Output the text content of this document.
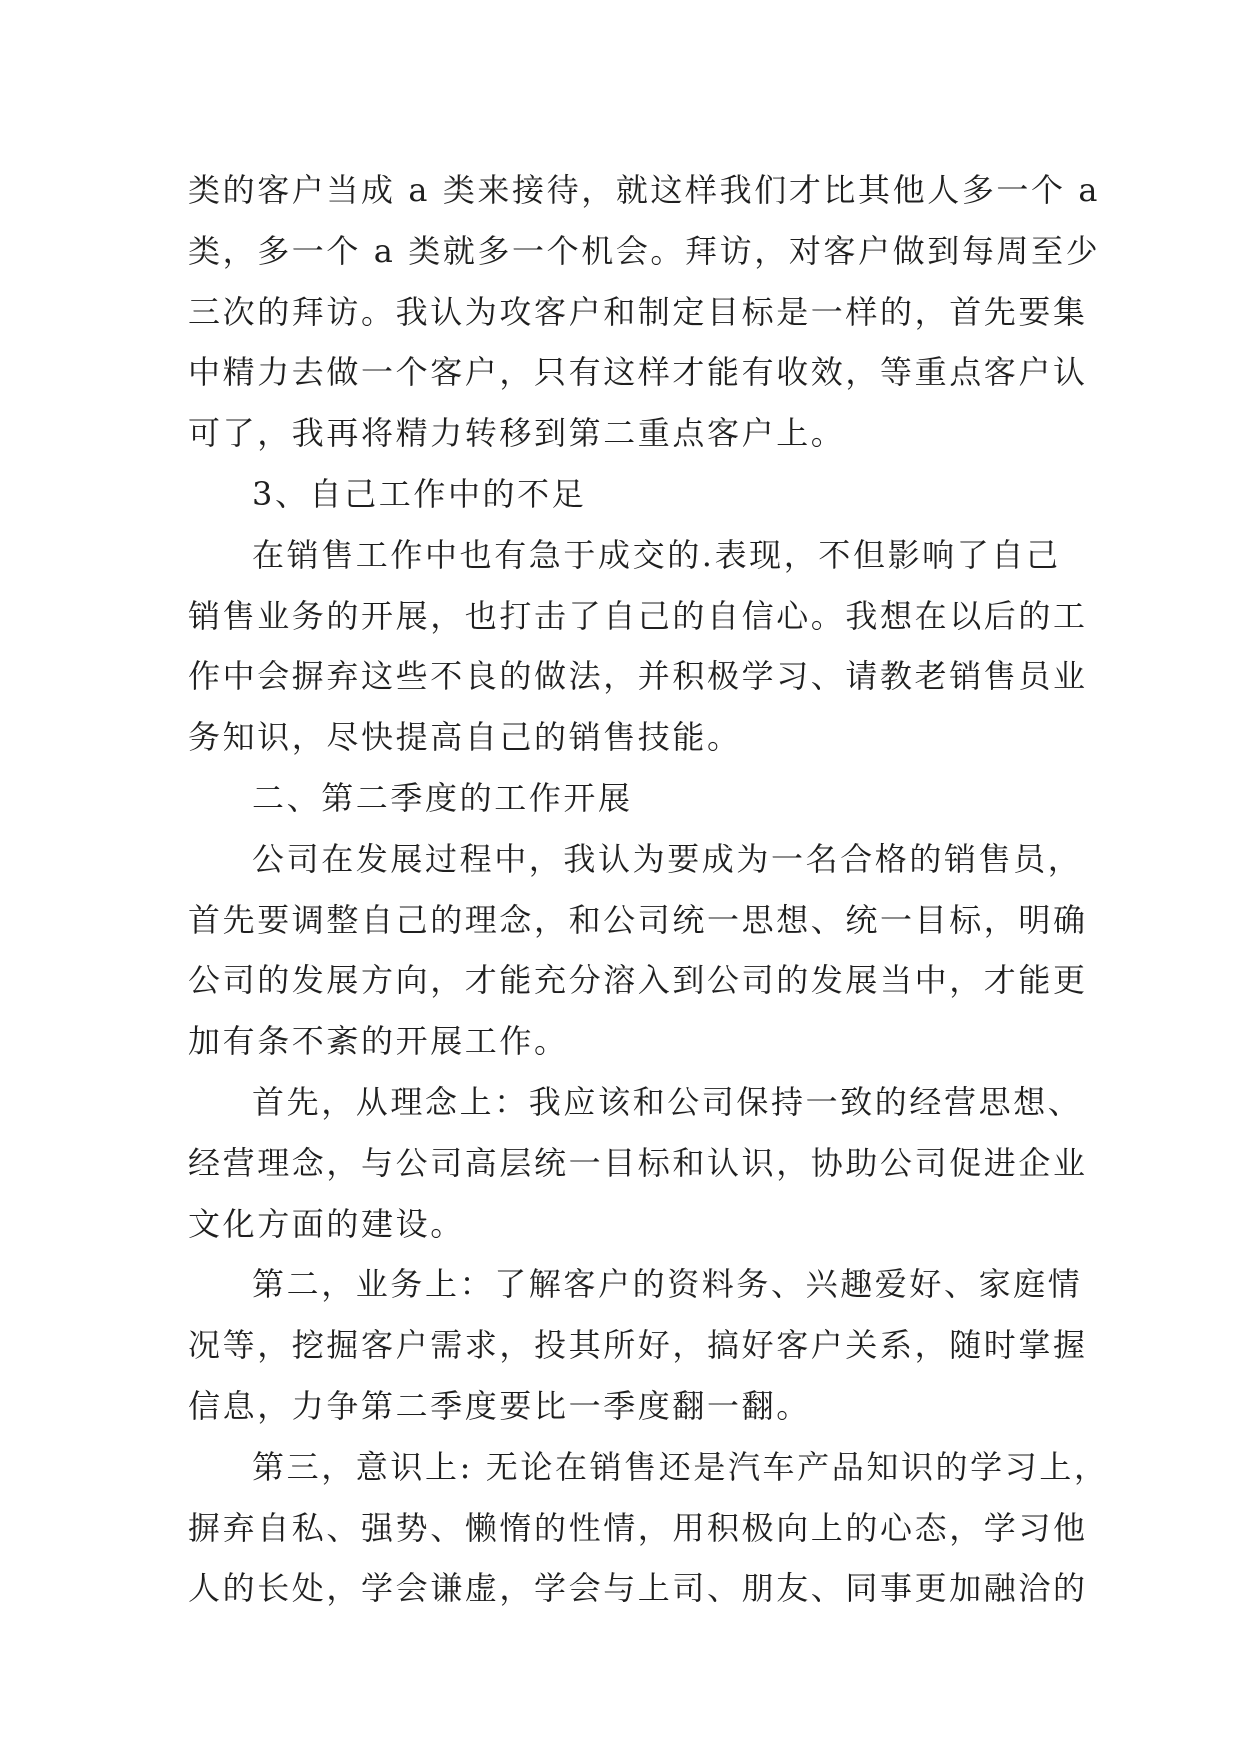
类的客户当成 a 类来接待，就这样我们才比其他人多一个 a
类，多一个 a 类就多一个机会。拜访，对客户做到每周至少
三次的拜访。我认为攻客户和制定目标是一样的，首先要集
中精力去做一个客户，只有这样才能有收效，等重点客户认
可了，我再将精力转移到第二重点客户上。
3、自己工作中的不足
在销售工作中也有急于成交的.表现，不但影响了自己
销售业务的开展，也打击了自己的自信心。我想在以后的工
作中会摒弃这些不良的做法，并积极学习、请教老销售员业
务知识，尽快提高自己的销售技能。
二、第二季度的工作开展
公司在发展过程中，我认为要成为一名合格的销售员，
首先要调整自己的理念，和公司统一思想、统一目标，明确
公司的发展方向，才能充分溶入到公司的发展当中，才能更
加有条不紊的开展工作。
首先，从理念上：我应该和公司保持一致的经营思想、
经营理念，与公司高层统一目标和认识，协助公司促进企业
文化方面的建设。
第二，业务上：了解客户的资料务、兴趣爱好、家庭情
况等，挖掘客户需求，投其所好，搞好客户关系，随时掌握
信息，力争第二季度要比一季度翻一翻。
第三，意识上: 无论在销售还是汽车产品知识的学习上，
摒弃自私、强势、懒惰的性情，用积极向上的心态，学习他
人的长处，学会谦虚，学会与上司、朋友、同事更加融洽的
